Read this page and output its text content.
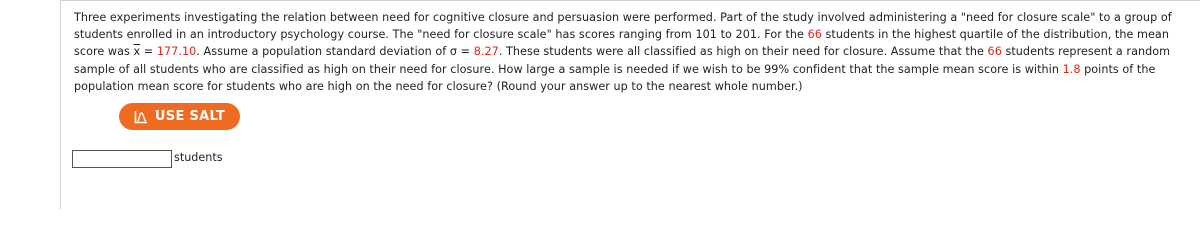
Three experiments investigating the relation between need for cognitive closure and persuasion were performed. Part of the study involved administering a "need for closure scale" to a group of students enrolled in an introductory psychology course. The "need for closure scale" has scores ranging from 101 to 201. For the 66 students in the highest quartile of the distribution, the mean score was $\overline{x} = 177.10$. Assume a population standard deviation of σ = 8.27. These students were all classified as high on their need for closure. Assume that the 66 students represent a random sample of all students who are classified as high on their need for closure. How large a sample is needed if we wish to be 99% confident that the sample mean score is within 1.8 points of the population mean score for students who are high on the need for closure? (Round your answer up to the nearest whole number.)
USE SALT
students
